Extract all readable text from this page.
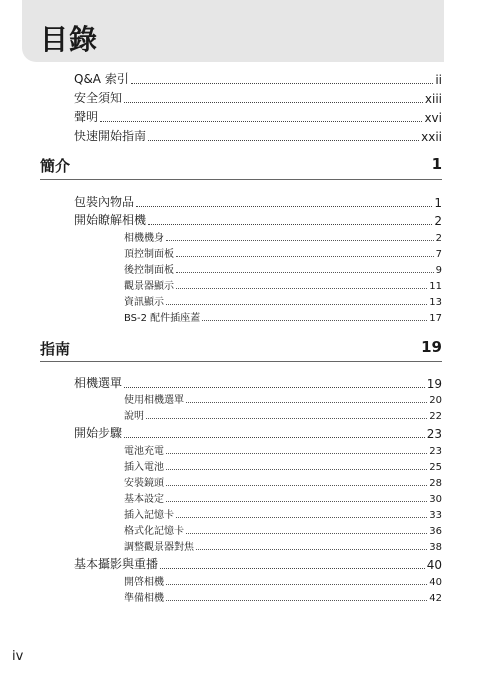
目錄
Q&A 索引	ii
安全須知	xiii
聲明	xvi
快速開始指南	xxii
簡介	1
包裝內物品	1
開始瞭解相機	2
相機機身	2
頂控制面板	7
後控制面板	9
觀景器顯示	11
資訊顯示	13
BS-2 配件插座蓋	17
指南	19
相機選單	19
使用相機選單	20
說明	22
開始步驟	23
電池充電	23
插入電池	25
安裝鏡頭	28
基本設定	30
插入記憶卡	33
格式化記憶卡	36
調整觀景器對焦	38
基本攝影與重播	40
開啓相機	40
準備相機	42
iv
